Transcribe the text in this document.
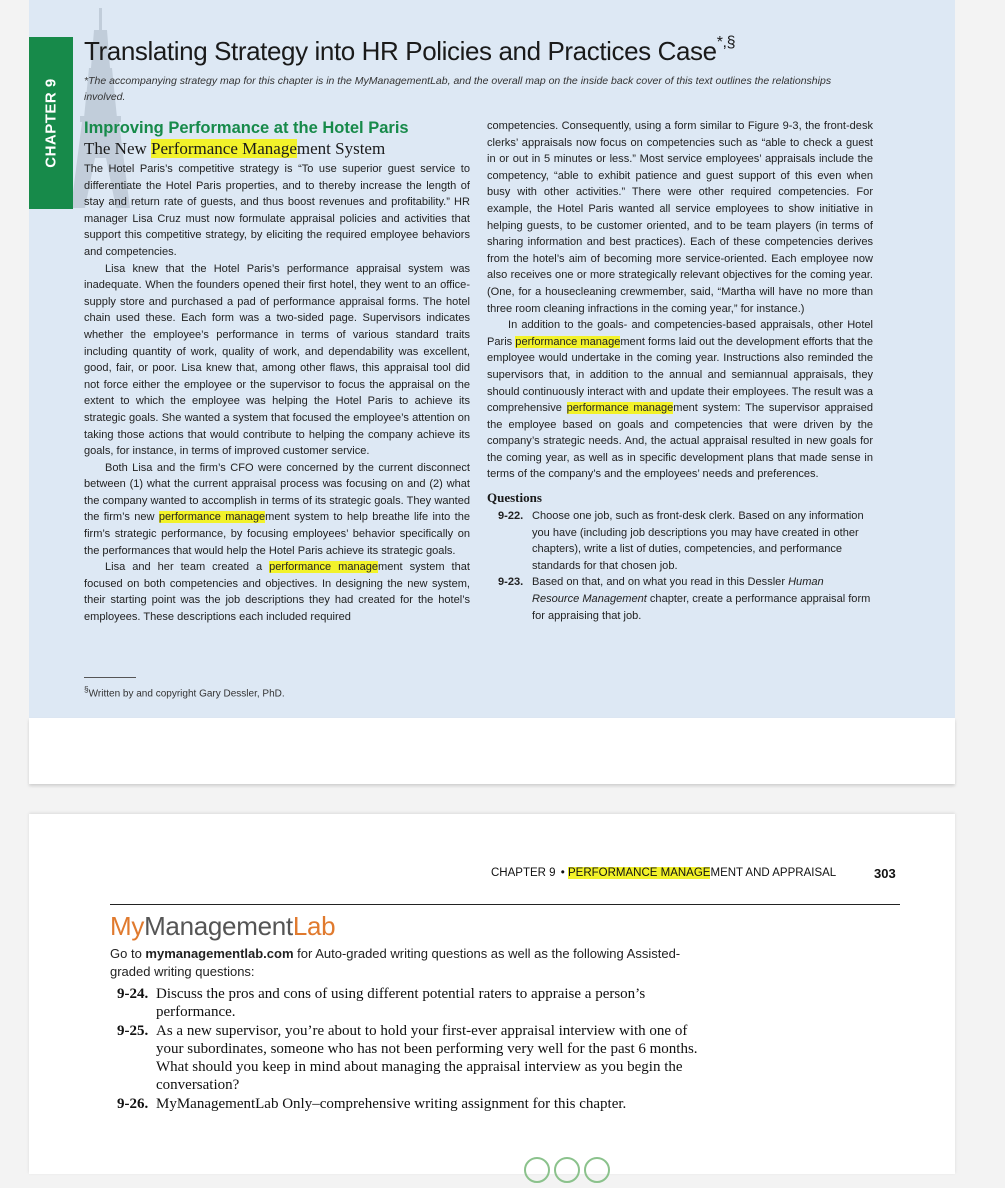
CHAPTER 9
Translating Strategy into HR Policies and Practices Case*,§
*The accompanying strategy map for this chapter is in the MyManagementLab, and the overall map on the inside back cover of this text outlines the relationships involved.
Improving Performance at the Hotel Paris
The New Performance Management System

The Hotel Paris’s competitive strategy is “To use superior guest service to differentiate the Hotel Paris properties, and to thereby increase the length of stay and return rate of guests, and thus boost revenues and profitability.” HR manager Lisa Cruz must now formulate appraisal policies and activities that support this competitive strategy, by eliciting the required employee behaviors and competencies.

Lisa knew that the Hotel Paris’s performance appraisal system was inadequate. When the founders opened their first hotel, they went to an office-supply store and purchased a pad of performance appraisal forms. The hotel chain used these. Each form was a two-sided page. Supervisors indicates whether the employee’s performance in terms of various standard traits including quantity of work, quality of work, and dependability was excellent, good, fair, or poor. Lisa knew that, among other flaws, this appraisal tool did not force either the employee or the supervisor to focus the appraisal on the extent to which the employee was helping the Hotel Paris to achieve its strategic goals. She wanted a system that focused the employee’s attention on taking those actions that would contribute to helping the company achieve its goals, for instance, in terms of improved customer service.

Both Lisa and the firm’s CFO were concerned by the current disconnect between (1) what the current appraisal process was focusing on and (2) what the company wanted to accomplish in terms of its strategic goals. They wanted the firm’s new performance management system to help breathe life into the firm’s strategic performance, by focusing employees’ behavior specifically on the performances that would help the Hotel Paris achieve its strategic goals.

Lisa and her team created a performance management system that focused on both competencies and objectives. In designing the new system, their starting point was the job descriptions they had created for the hotel’s employees. These descriptions each included required

competencies. Consequently, using a form similar to Figure 9-3, the front-desk clerks’ appraisals now focus on competencies such as “able to check a guest in or out in 5 minutes or less.” Most service employees’ appraisals include the competency, “able to exhibit patience and guest support of this even when busy with other activities.” There were other required competencies. For example, the Hotel Paris wanted all service employees to show initiative in helping guests, to be customer oriented, and to be team players (in terms of sharing information and best practices). Each of these competencies derives from the hotel’s aim of becoming more service-oriented. Each employee now also receives one or more strategically relevant objectives for the coming year. (One, for a housecleaning crewmember, said, “Martha will have no more than three room cleaning infractions in the coming year,” for instance.)

In addition to the goals- and competencies-based appraisals, other Hotel Paris performance management forms laid out the development efforts that the employee would undertake in the coming year. Instructions also reminded the supervisors that, in addition to the annual and semiannual appraisals, they should continuously interact with and update their employees. The result was a comprehensive performance management system: The supervisor appraised the employee based on goals and competencies that were driven by the company’s strategic needs. And, the actual appraisal resulted in new goals for the coming year, as well as in specific development plans that made sense in terms of the company’s and the employees’ needs and preferences.

Questions

9-22. Choose one job, such as front-desk clerk. Based on any information you have (including job descriptions you may have created in other chapters), write a list of duties, competencies, and performance standards for that chosen job.

9-23. Based on that, and on what you read in this Dessler Human Resource Management chapter, create a performance appraisal form for appraising that job.

§Written by and copyright Gary Dessler, PhD.
CHAPTER 9 • PERFORMANCE MANAGEMENT AND APPRAISAL	303
MyManagementLab
Go to mymanagementlab.com for Auto-graded writing questions as well as the following Assisted-graded writing questions:

9-24. Discuss the pros and cons of using different potential raters to appraise a person’s performance.

9-25. As a new supervisor, you’re about to hold your first-ever appraisal interview with one of your subordinates, someone who has not been performing very well for the past 6 months. What should you keep in mind about managing the appraisal interview as you begin the conversation?

9-26. MyManagementLab Only–comprehensive writing assignment for this chapter.
